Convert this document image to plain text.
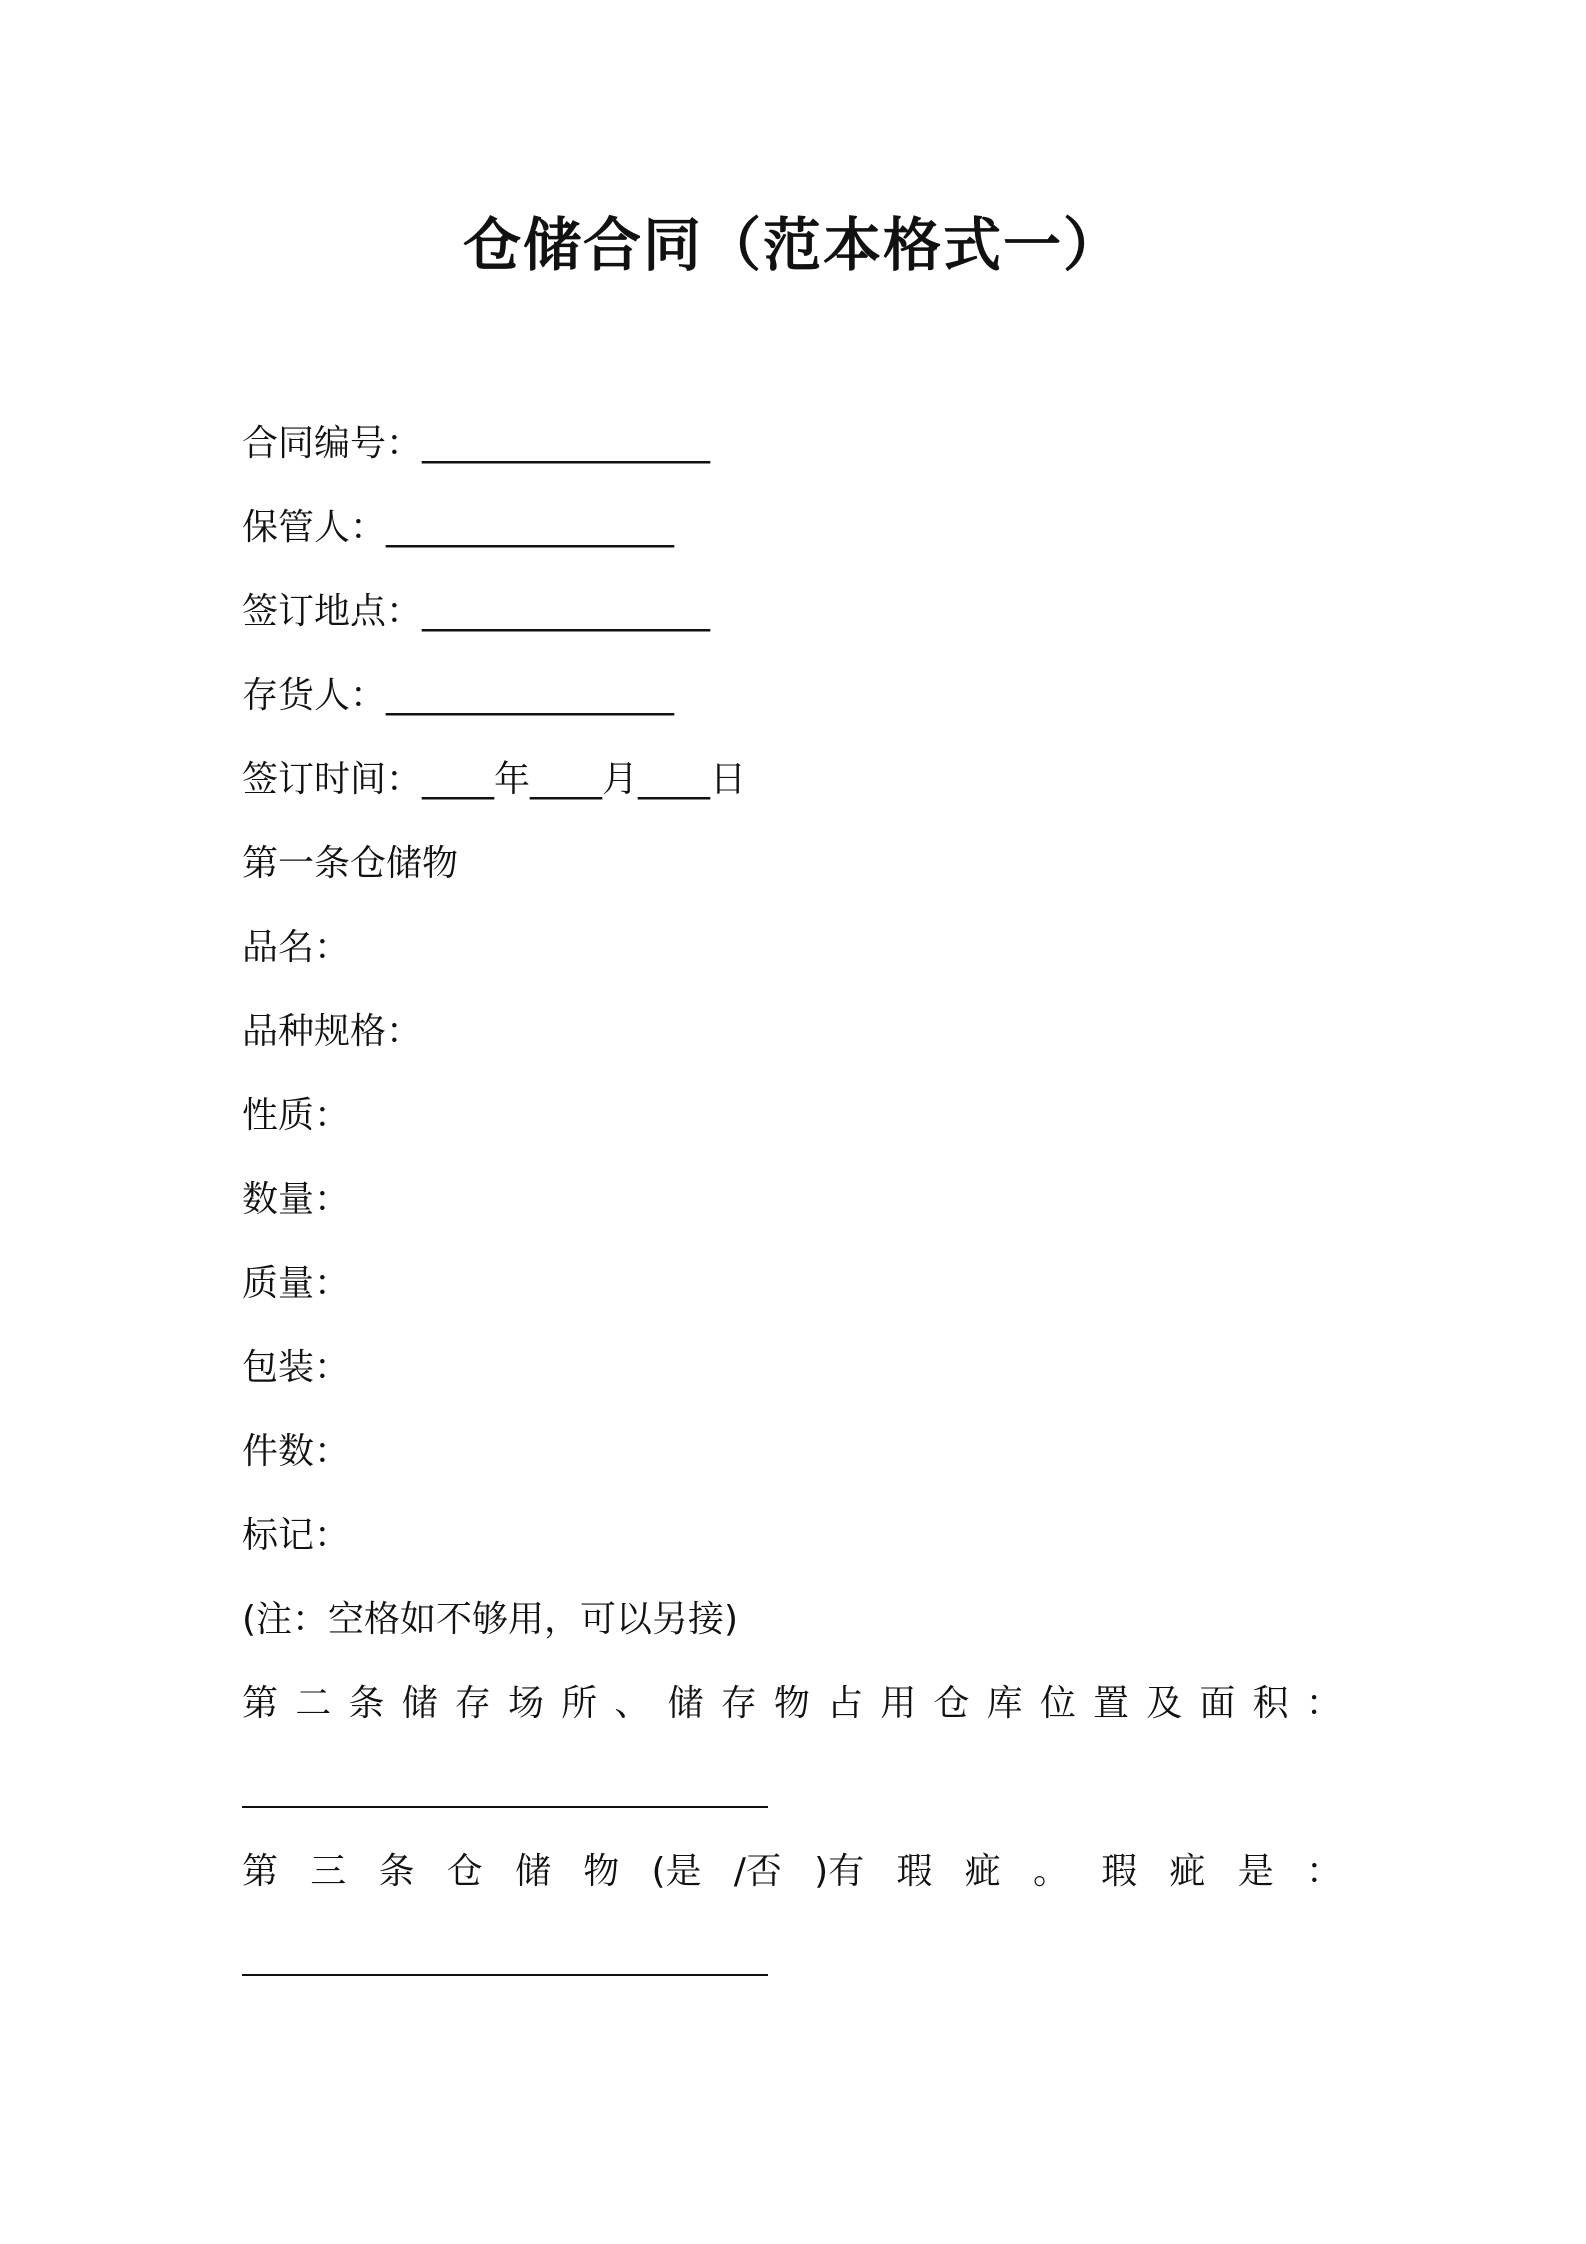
仓储合同（范本格式一）

合同编号：________________

保管人：________________

签订地点：________________

存货人：________________

签订时间：____年____月____日

第一条仓储物

品名：

品种规格：

性质：

数量：

质量：

包装：

件数：

标记：

(注：空格如不够用，可以另接)

第 二 条 储 存 场 所 、 储 存 物 占 用 仓 库 位 置 及 面 积 ：

第 三 条 仓 储 物 (是 /否 )有 瑕 疵 。 瑕 疵 是 ：
